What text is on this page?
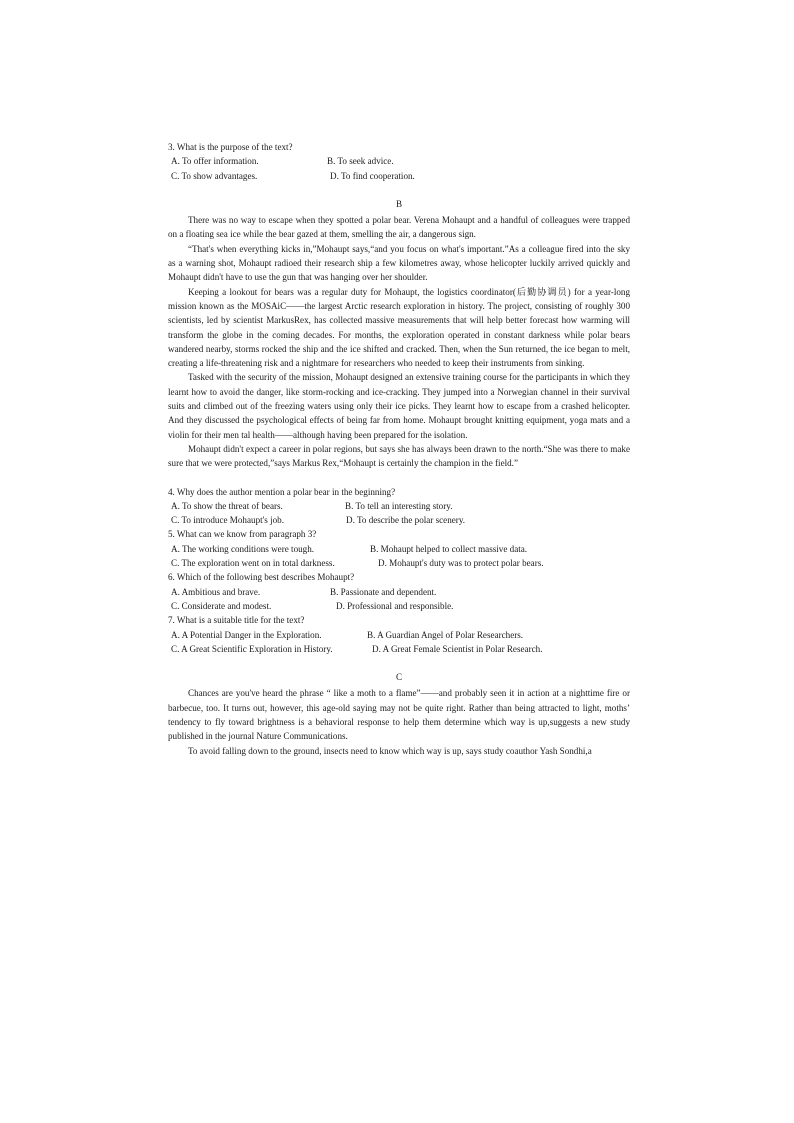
3. What is the purpose of the text?

A. To offer information.	B. To seek advice.
C. To show advantages.	D. To find cooperation.
B

There was no way to escape when they spotted a polar bear. Verena Mohaupt and a handful of colleagues were trapped on a floating sea ice while the bear gazed at them, smelling the air, a dangerous sign.

“That's when everything kicks in,”Mohaupt says,“and you focus on what's important.”As a colleague fired into the sky as a warning shot, Mohaupt radioed their research ship a few kilometres away, whose helicopter luckily arrived quickly and Mohaupt didn't have to use the gun that was hanging over her shoulder.

Keeping a lookout for bears was a regular duty for Mohaupt, the logistics coordinator(后勤协调员) for a year-long mission known as the MOSAiC——the largest Arctic research exploration in history. The project, consisting of roughly 300 scientists, led by scientist MarkusRex, has collected massive measurements that will help better forecast how warming will transform the globe in the coming decades. For months, the exploration operated in constant darkness while polar bears wandered nearby, storms rocked the ship and the ice shifted and cracked. Then, when the Sun returned, the ice began to melt, creating a life-threatening risk and a nightmare for researchers who needed to keep their instruments from sinking.

Tasked with the security of the mission, Mohaupt designed an extensive training course for the participants in which they learnt how to avoid the danger, like storm-rocking and ice-cracking. They jumped into a Norwegian channel in their survival suits and climbed out of the freezing waters using only their ice picks. They learnt how to escape from a crashed helicopter. And they discussed the psychological effects of being far from home. Mohaupt brought knitting equipment, yoga mats and a violin for their men tal health——although having been prepared for the isolation.

Mohaupt didn't expect a career in polar regions, but says she has always been drawn to the north.“She was there to make sure that we were protected,”says Markus Rex,“Mohaupt is certainly the champion in the field.”

4. Why does the author mention a polar bear in the beginning?

A. To show the threat of bears.	B. To tell an interesting story.
C. To introduce Mohaupt's job.	D. To describe the polar scenery.

5. What can we know from paragraph 3?

A. The working conditions were tough.	B. Mohaupt helped to collect massive data.
C. The exploration went on in total darkness.	D. Mohaupt's duty was to protect polar bears.

6. Which of the following best describes Mohaupt?

A. Ambitious and brave.	B. Passionate and dependent.
C. Considerate and modest.	D. Professional and responsible.

7. What is a suitable title for the text?

A. A Potential Danger in the Exploration.	B. A Guardian Angel of Polar Researchers.
C. A Great Scientific Exploration in History.	D. A Great Female Scientist in Polar Research.
C

Chances are you've heard the phrase “ like a moth to a flame”——and probably seen it in action at a nighttime fire or barbecue, too. It turns out, however, this age-old saying may not be quite right. Rather than being attracted to light, moths’ tendency to fly toward brightness is a behavioral response to help them determine which way is up,suggests a new study published in the journal Nature Communications.

To avoid falling down to the ground, insects need to know which way is up, says study coauthor Yash Sondhi,a
